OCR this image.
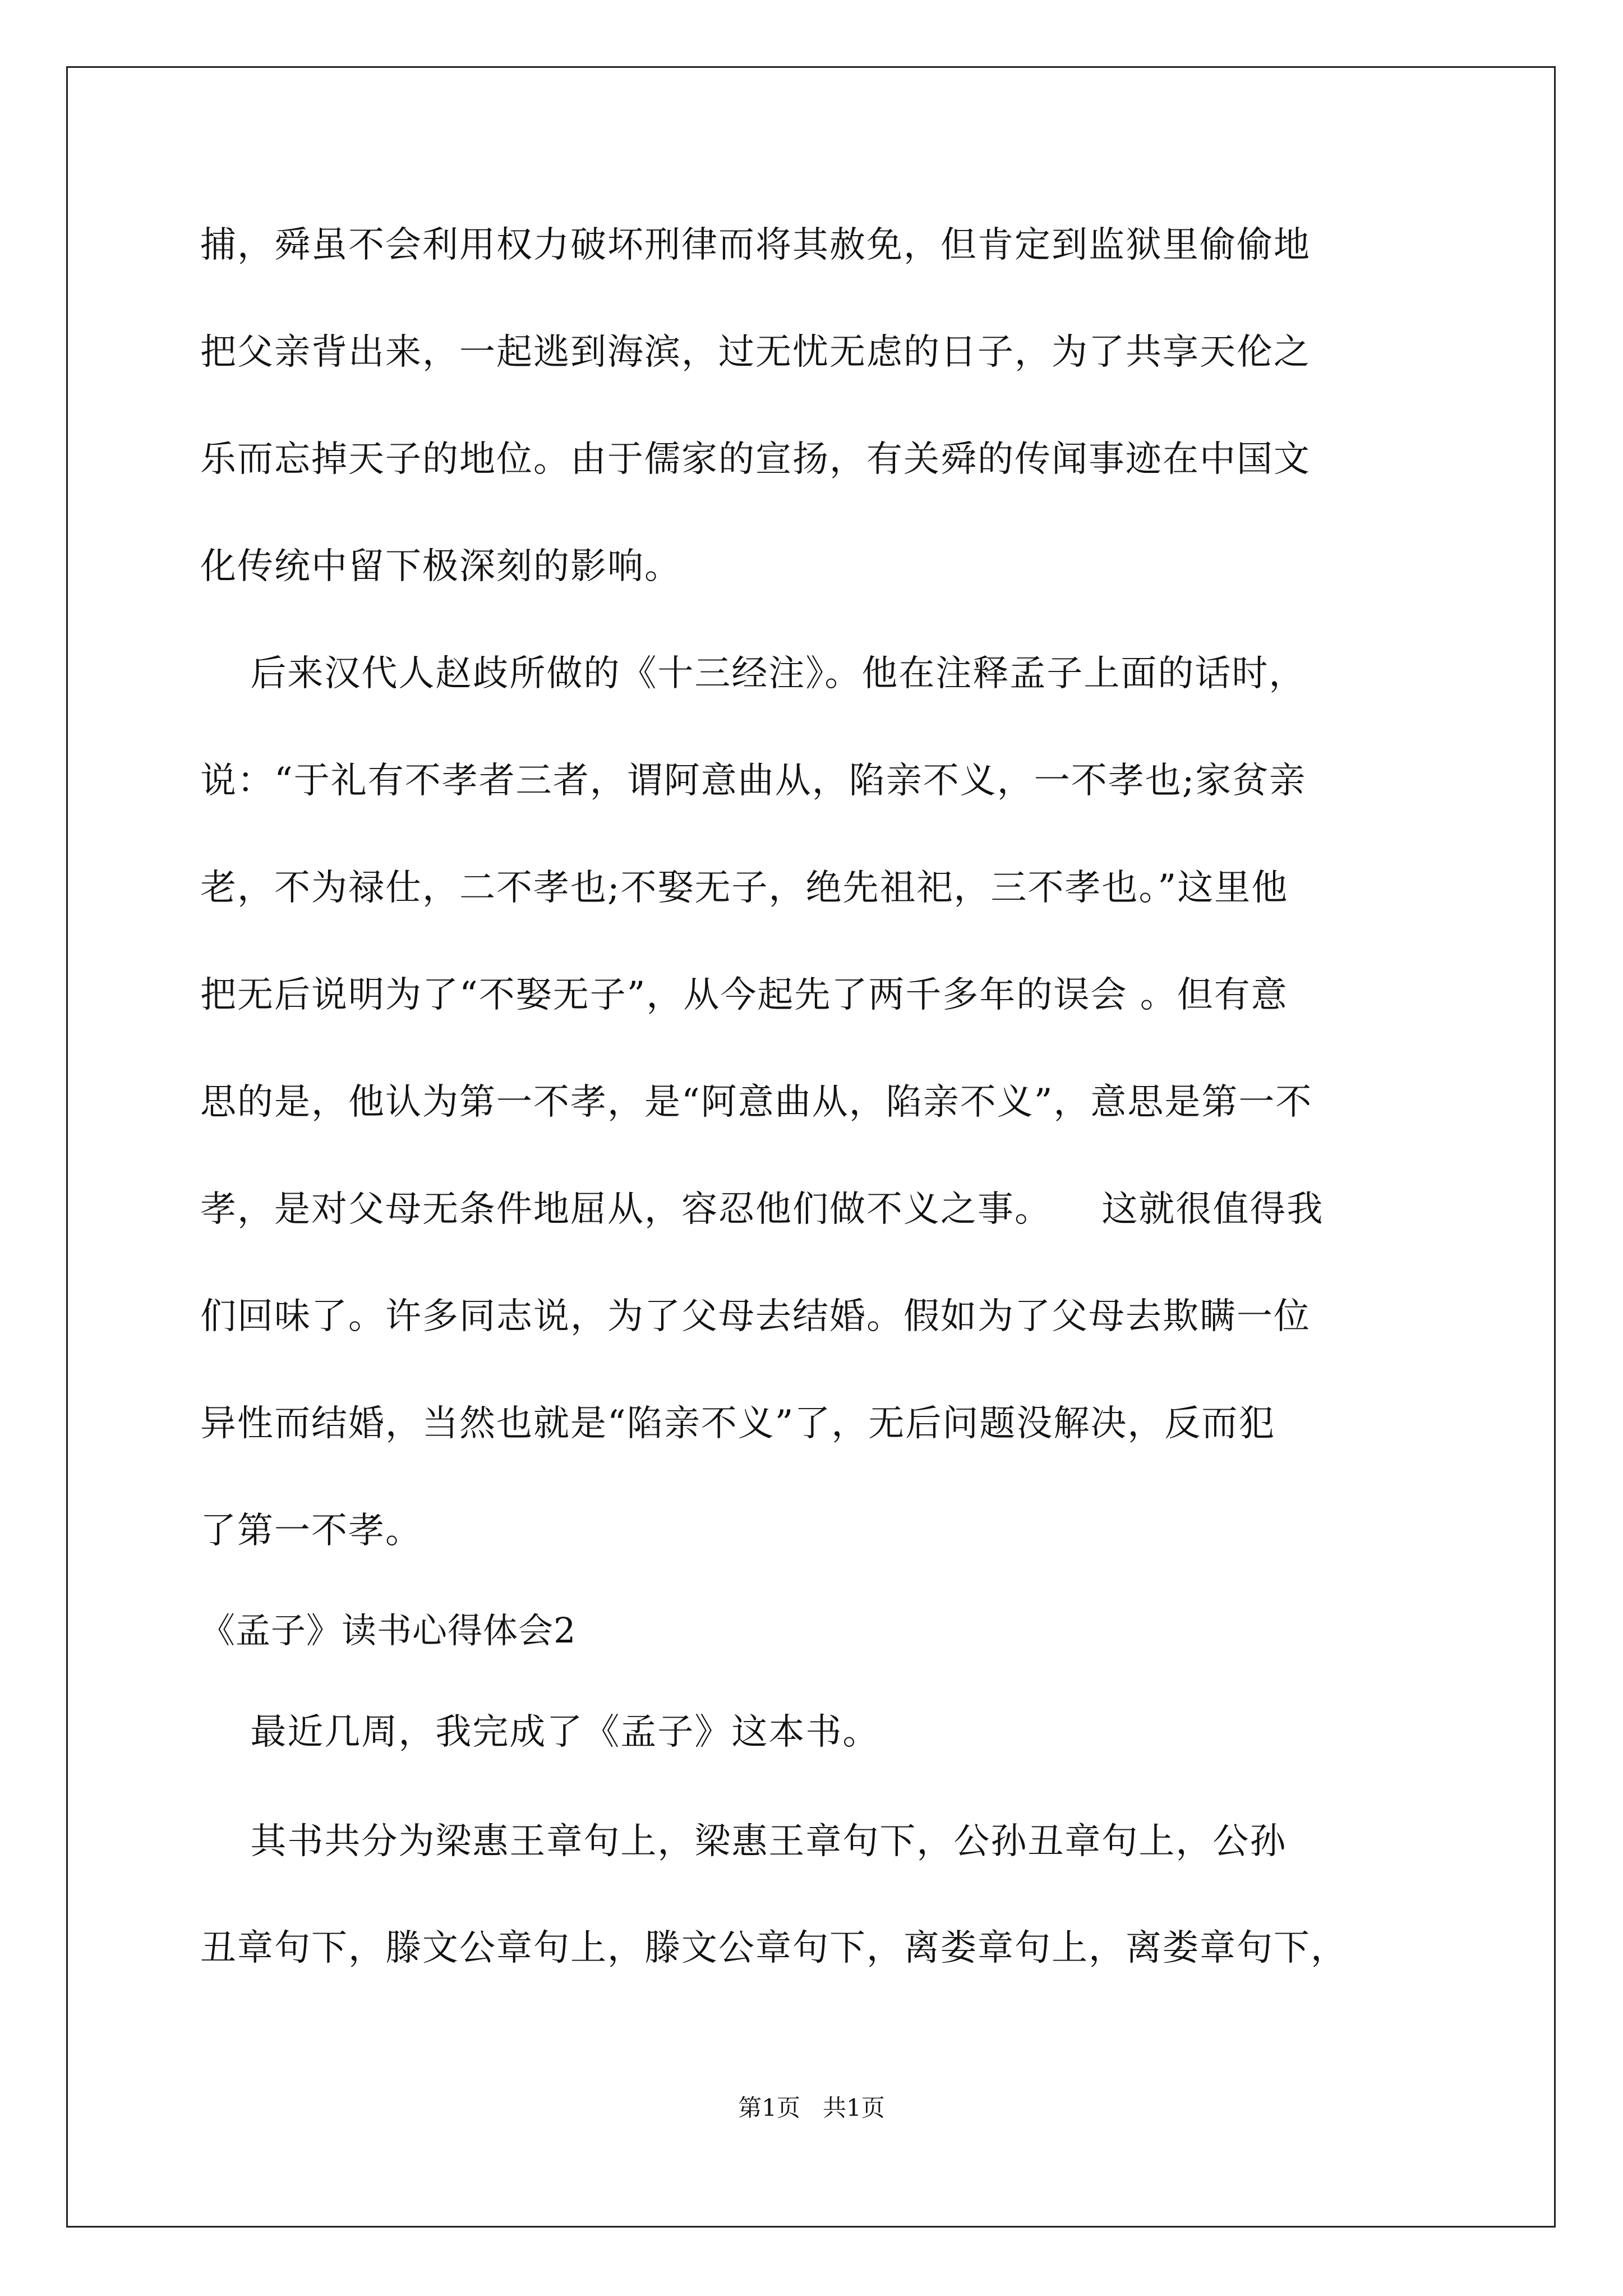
捕，舜虽不会利用权力破坏刑律而将其赦免，但肯定到监狱里偷偷地
把父亲背出来，一起逃到海滨，过无忧无虑的日子，为了共享天伦之
乐而忘掉天子的地位。由于儒家的宣扬，有关舜的传闻事迹在中国文
化传统中留下极深刻的影响。
后来汉代人赵歧所做的《十三经注》。他在注释孟子上面的话时，
说：“于礼有不孝者三者，谓阿意曲从，陷亲不义，一不孝也;家贫亲
老，不为禄仕，二不孝也;不娶无子，绝先祖祀，三不孝也。”这里他
把无后说明为了“不娶无子”，从今起先了两千多年的误会 。但有意
思的是，他认为第一不孝，是“阿意曲从，陷亲不义”，意思是第一不
孝，是对父母无条件地屈从，容忍他们做不义之事。    这就很值得我
们回味了。许多同志说，为了父母去结婚。假如为了父母去欺瞒一位
异性而结婚，当然也就是“陷亲不义”了，无后问题没解决，反而犯
了第一不孝。
《孟子》读书心得体会2
最近几周，我完成了《孟子》这本书。
其书共分为梁惠王章句上，梁惠王章句下，公孙丑章句上，公孙
丑章句下，滕文公章句上，滕文公章句下，离娄章句上，离娄章句下，
第1页   共1页
